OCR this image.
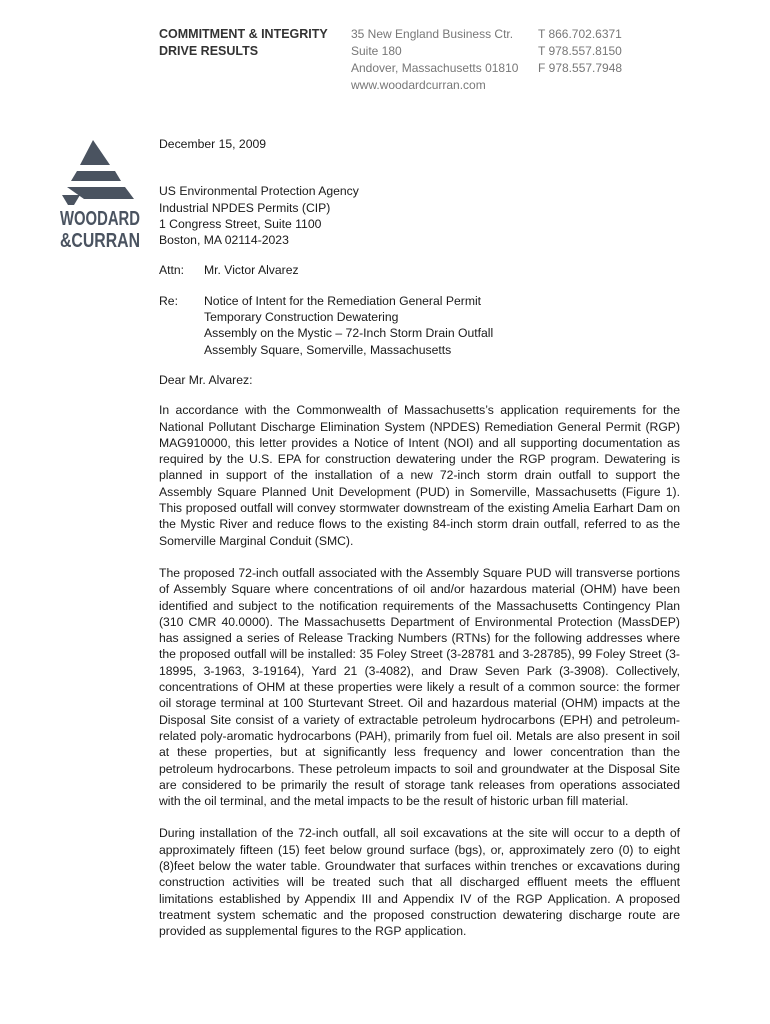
COMMITMENT & INTEGRITY
DRIVE RESULTS
35 New England Business Ctr.
Suite 180
Andover, Massachusetts 01810
www.woodardcurran.com
T 866.702.6371
T 978.557.8150
F 978.557.7948
WOODARD
&CURRAN

December 15, 2009

US Environmental Protection Agency

Industrial NPDES Permits (CIP)

1 Congress Street, Suite 1100

Boston, MA 02114-2023

Attn:	Mr. Victor Alvarez
Re:	Notice of Intent for the Remediation General Permit

Temporary Construction Dewatering

Assembly on the Mystic – 72-Inch Storm Drain Outfall

Assembly Square, Somerville, Massachusetts

Dear Mr. Alvarez:

In accordance with the Commonwealth of Massachusetts’s application requirements for the National Pollutant Discharge Elimination System (NPDES) Remediation General Permit (RGP) MAG910000, this letter provides a Notice of Intent (NOI) and all supporting documentation as required by the U.S. EPA for construction dewatering under the RGP program. Dewatering is planned in support of the installation of a new 72-inch storm drain outfall to support the Assembly Square Planned Unit Development (PUD) in Somerville, Massachusetts (Figure 1). This proposed outfall will convey stormwater downstream of the existing Amelia Earhart Dam on the Mystic River and reduce flows to the existing 84-inch storm drain outfall, referred to as the Somerville Marginal Conduit (SMC).

The proposed 72-inch outfall associated with the Assembly Square PUD will transverse portions of Assembly Square where concentrations of oil and/or hazardous material (OHM) have been identified and subject to the notification requirements of the Massachusetts Contingency Plan (310 CMR 40.0000). The Massachusetts Department of Environmental Protection (MassDEP) has assigned a series of Release Tracking Numbers (RTNs) for the following addresses where the proposed outfall will be installed: 35 Foley Street (3-28781 and 3-28785), 99 Foley Street (3-18995, 3-1963, 3-19164), Yard 21 (3-4082), and Draw Seven Park (3-3908). Collectively, concentrations of OHM at these properties were likely a result of a common source: the former oil storage terminal at 100 Sturtevant Street. Oil and hazardous material (OHM) impacts at the Disposal Site consist of a variety of extractable petroleum hydrocarbons (EPH) and petroleum-related poly-aromatic hydrocarbons (PAH), primarily from fuel oil. Metals are also present in soil at these properties, but at significantly less frequency and lower concentration than the petroleum hydrocarbons. These petroleum impacts to soil and groundwater at the Disposal Site are considered to be primarily the result of storage tank releases from operations associated with the oil terminal, and the metal impacts to be the result of historic urban fill material.

During installation of the 72-inch outfall, all soil excavations at the site will occur to a depth of approximately fifteen (15) feet below ground surface (bgs), or, approximately zero (0) to eight (8)feet below the water table. Groundwater that surfaces within trenches or excavations during construction activities will be treated such that all discharged effluent meets the effluent limitations established by Appendix III and Appendix IV of the RGP Application. A proposed treatment system schematic and the proposed construction dewatering discharge route are provided as supplemental figures to the RGP application.
